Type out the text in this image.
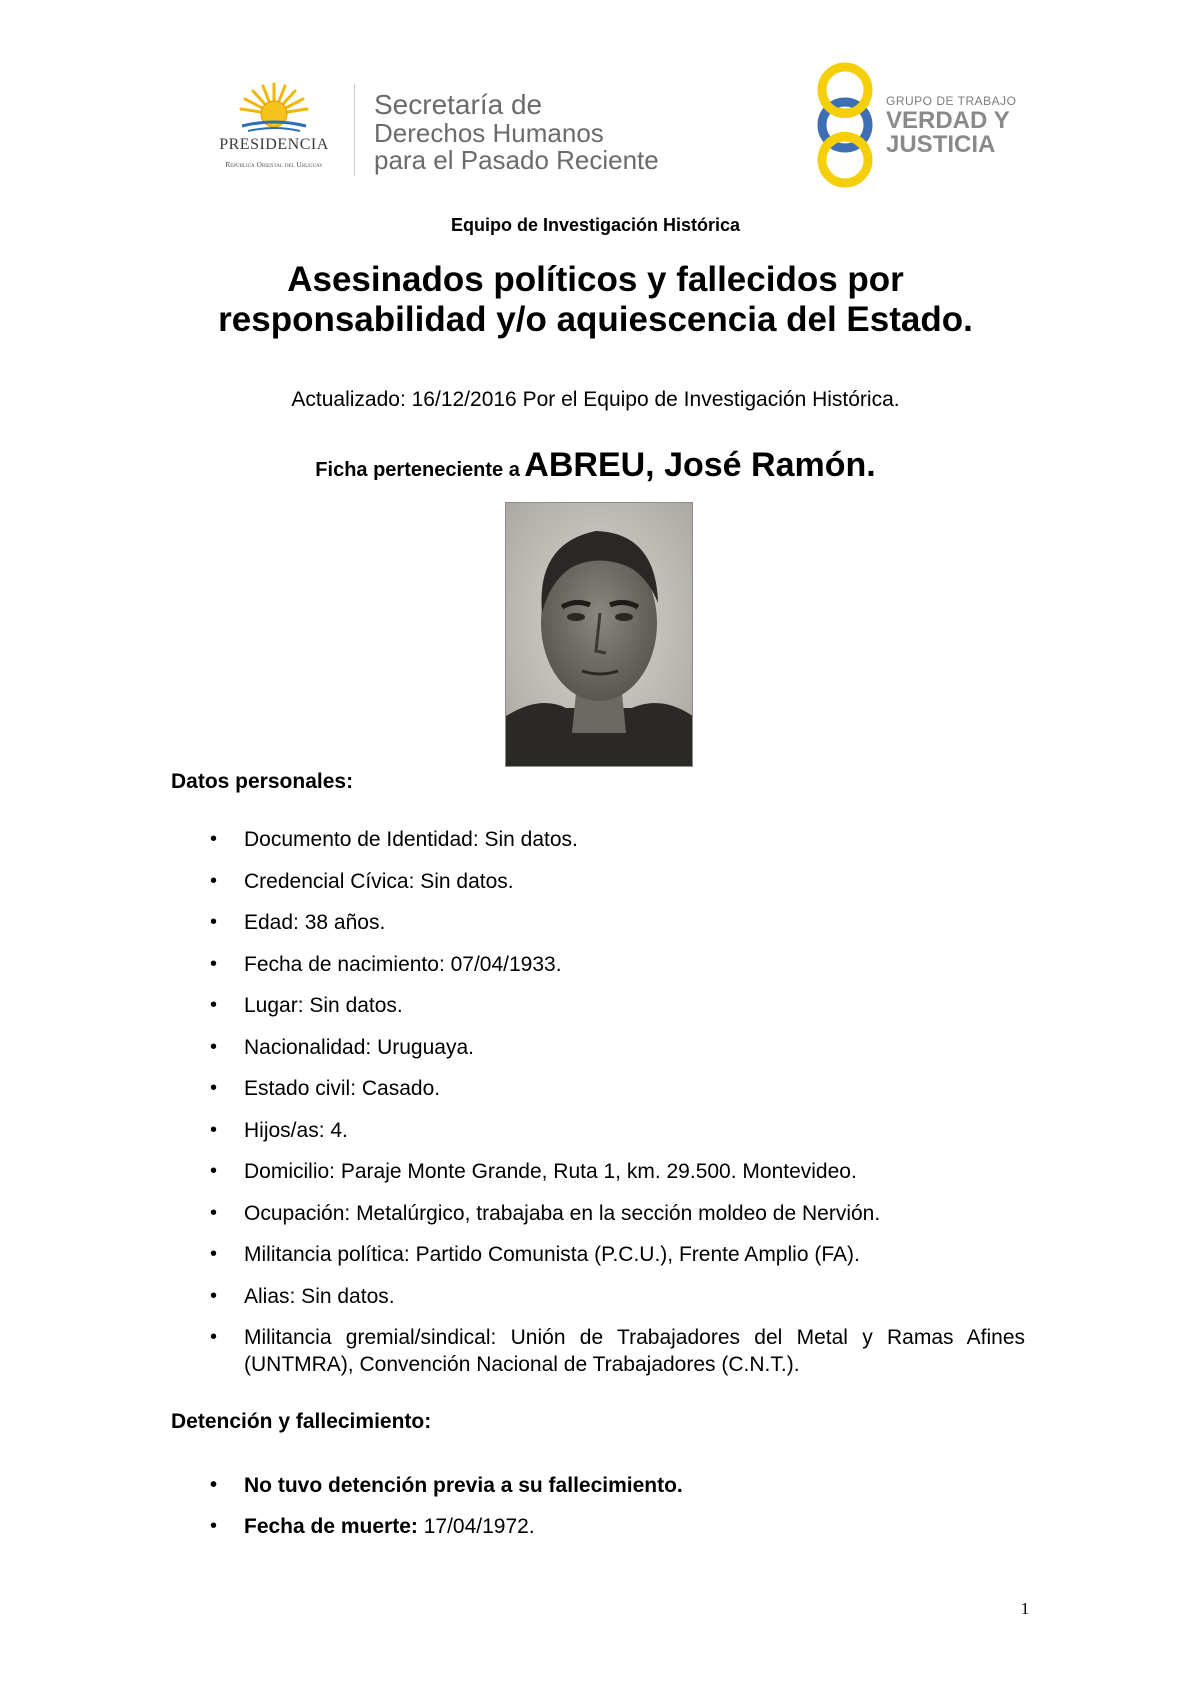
PRESIDENCIA
República Oriental del Uruguay
Secretaría de
Derechos Humanos
para el Pasado Reciente
GRUPO DE TRABAJO
VERDAD Y
JUSTICIA
Equipo de Investigación Histórica
Asesinados políticos y fallecidos por
responsabilidad y/o aquiescencia del Estado.
Actualizado: 16/12/2016 Por el Equipo de Investigación Histórica.
Ficha perteneciente a ABREU, José Ramón.
Datos personales:
• Documento de Identidad: Sin datos.
• Credencial Cívica: Sin datos.
• Edad: 38 años.
• Fecha de nacimiento: 07/04/1933.
• Lugar: Sin datos.
• Nacionalidad: Uruguaya.
• Estado civil: Casado.
• Hijos/as: 4.
• Domicilio: Paraje Monte Grande, Ruta 1, km. 29.500. Montevideo.
• Ocupación: Metalúrgico, trabajaba en la sección moldeo de Nervión.
• Militancia política: Partido Comunista (P.C.U.), Frente Amplio (FA).
• Alias: Sin datos.
• Militancia gremial/sindical: Unión de Trabajadores del Metal y Ramas Afines (UNTMRA), Convención Nacional de Trabajadores (C.N.T.).
Detención y fallecimiento:
• No tuvo detención previa a su fallecimiento.
• Fecha de muerte: 17/04/1972.
1
